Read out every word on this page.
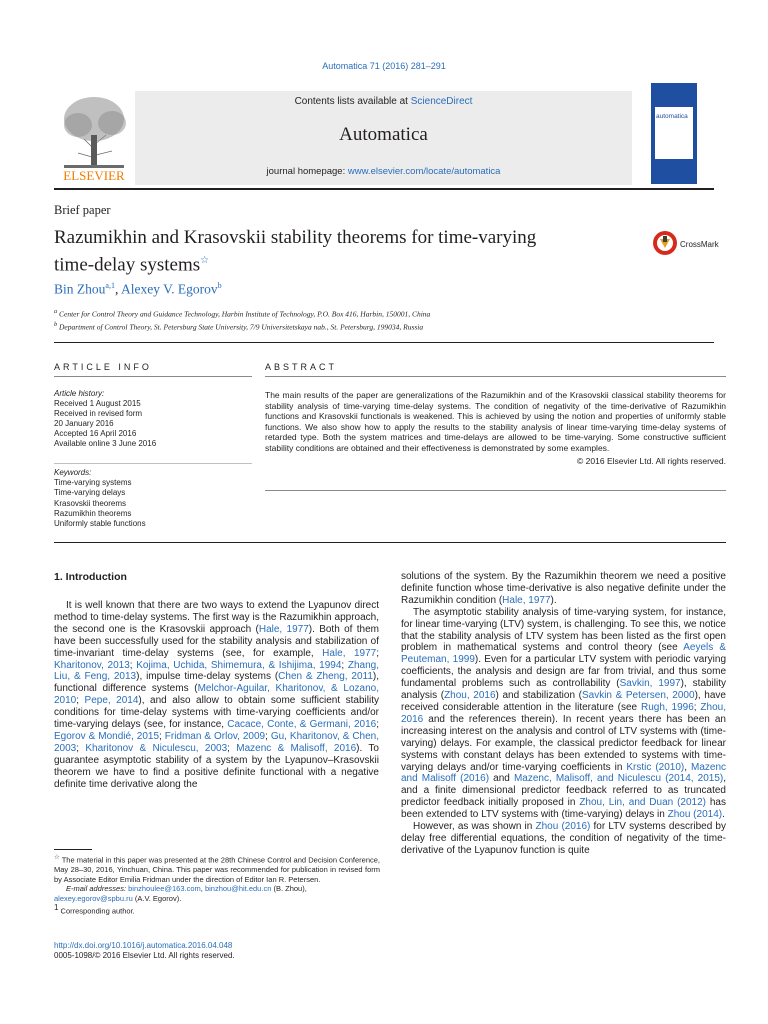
Automatica 71 (2016) 281–291
ELSEVIER
Contents lists available at ScienceDirect
Automatica
journal homepage: www.elsevier.com/locate/automatica
automatica
Brief paper
Razumikhin and Krasovskii stability theorems for time-varying
time-delay systems☆
CrossMark
Bin Zhou$^{a,1}$, Alexey V. Egorov$^b$
$^a$ Center for Control Theory and Guidance Technology, Harbin Institute of Technology, P.O. Box 416, Harbin, 150001, China
$^b$ Department of Control Theory, St. Petersburg State University, 7/9 Universitetskaya nab., St. Petersburg, 199034, Russia
ARTICLE INFO	ABSTRACT
Article history:
Received 1 August 2015
Received in revised form
20 January 2016
Accepted 16 April 2016
Available online 3 June 2016
Keywords:
Time-varying systems
Time-varying delays
Krasovskii theorems
Razumikhin theorems
Uniformly stable functions
The main results of the paper are generalizations of the Razumikhin and of the Krasovskii classical stability theorems for stability analysis of time-varying time-delay systems. The condition of negativity of the time-derivative of Razumikhin functions and Krasovskii functionals is weakened. This is achieved by using the notion and properties of uniformly stable functions. We also show how to apply the results to the stability analysis of linear time-varying time-delay systems of retarded type. Both the system matrices and time-delays are allowed to be time-varying. Some constructive sufficient stability conditions are obtained and their effectiveness is demonstrated by some examples.
© 2016 Elsevier Ltd. All rights reserved.
1. Introduction

It is well known that there are two ways to extend the Lyapunov direct method to time-delay systems. The first way is the Razumikhin approach, the second one is the Krasovskii approach (Hale, 1977). Both of them have been successfully used for the stability analysis and stabilization of time-invariant time-delay systems (see, for example, Hale, 1977; Kharitonov, 2013; Kojima, Uchida, Shimemura, & Ishijima, 1994; Zhang, Liu, & Feng, 2013), impulse time-delay systems (Chen & Zheng, 2011), functional difference systems (Melchor-Aguilar, Kharitonov, & Lozano, 2010; Pepe, 2014), and also allow to obtain some sufficient stability conditions for time-delay systems with time-varying coefficients and/or time-varying delays (see, for instance, Cacace, Conte, & Germani, 2016; Egorov & Mondié, 2015; Fridman & Orlov, 2009; Gu, Kharitonov, & Chen, 2003; Kharitonov & Niculescu, 2003; Mazenc & Malisoff, 2016). To guarantee asymptotic stability of a system by the Lyapunov–Krasovskii theorem we have to find a positive definite functional with a negative definite time derivative along the

solutions of the system. By the Razumikhin theorem we need a positive definite function whose time-derivative is also negative definite under the Razumikhin condition (Hale, 1977).

The asymptotic stability analysis of time-varying system, for instance, for linear time-varying (LTV) system, is challenging. To see this, we notice that the stability analysis of LTV system has been listed as the first open problem in mathematical systems and control theory (see Aeyels & Peuteman, 1999). Even for a particular LTV system with periodic varying coefficients, the analysis and design are far from trivial, and thus some fundamental problems such as controllability (Savkin, 1997), stability analysis (Zhou, 2016) and stabilization (Savkin & Petersen, 2000), have received considerable attention in the literature (see Rugh, 1996; Zhou, 2016 and the references therein). In recent years there has been an increasing interest on the analysis and control of LTV systems with (time-varying) delays. For example, the classical predictor feedback for linear systems with constant delays has been extended to systems with time-varying delays and/or time-varying coefficients in Krstic (2010), Mazenc and Malisoff (2016) and Mazenc, Malisoff, and Niculescu (2014, 2015), and a finite dimensional predictor feedback referred to as truncated predictor feedback initially proposed in Zhou, Lin, and Duan (2012) has been extended to LTV systems with (time-varying) delays in Zhou (2014).

However, as was shown in Zhou (2016) for LTV systems described by delay free differential equations, the condition of negativity of the time-derivative of the Lyapunov function is quite

☆ The material in this paper was presented at the 28th Chinese Control and Decision Conference, May 28–30, 2016, Yinchuan, China. This paper was recommended for publication in revised form by Associate Editor Emilia Fridman under the direction of Editor Ian R. Petersen.

E-mail addresses: binzhoulee@163.com, binzhou@hit.edu.cn (B. Zhou),
alexey.egorov@spbu.ru (A.V. Egorov).

$^1$ Corresponding author.

http://dx.doi.org/10.1016/j.automatica.2016.04.048
0005-1098/© 2016 Elsevier Ltd. All rights reserved.
